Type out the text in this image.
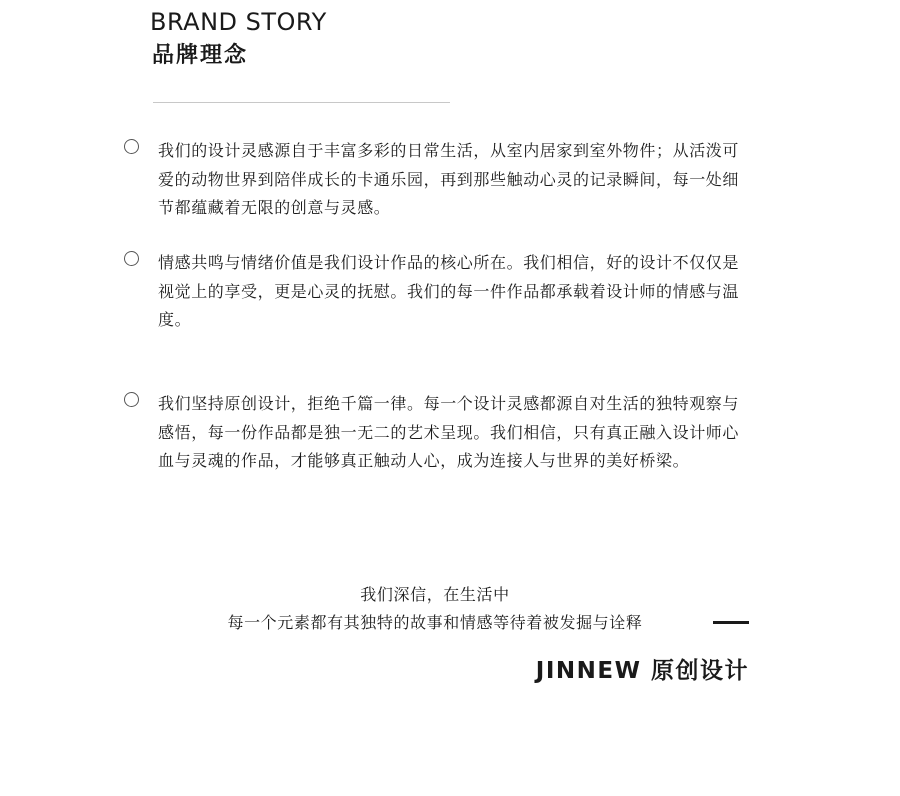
BRAND STORY
品牌理念
我们的设计灵感源自于丰富多彩的日常生活，从室内居家到室外物件；从活泼可爱的动物世界到陪伴成长的卡通乐园，再到那些触动心灵的记录瞬间，每一处细节都蕴藏着无限的创意与灵感。
情感共鸣与情绪价值是我们设计作品的核心所在。我们相信，好的设计不仅仅是视觉上的享受，更是心灵的抚慰。我们的每一件作品都承载着设计师的情感与温度。
我们坚持原创设计，拒绝千篇一律。每一个设计灵感都源自对生活的独特观察与感悟，每一份作品都是独一无二的艺术呈现。我们相信，只有真正融入设计师心血与灵魂的作品，才能够真正触动人心，成为连接人与世界的美好桥梁。
我们深信，在生活中
每一个元素都有其独特的故事和情感等待着被发掘与诠释
JINNEW 原创设计
